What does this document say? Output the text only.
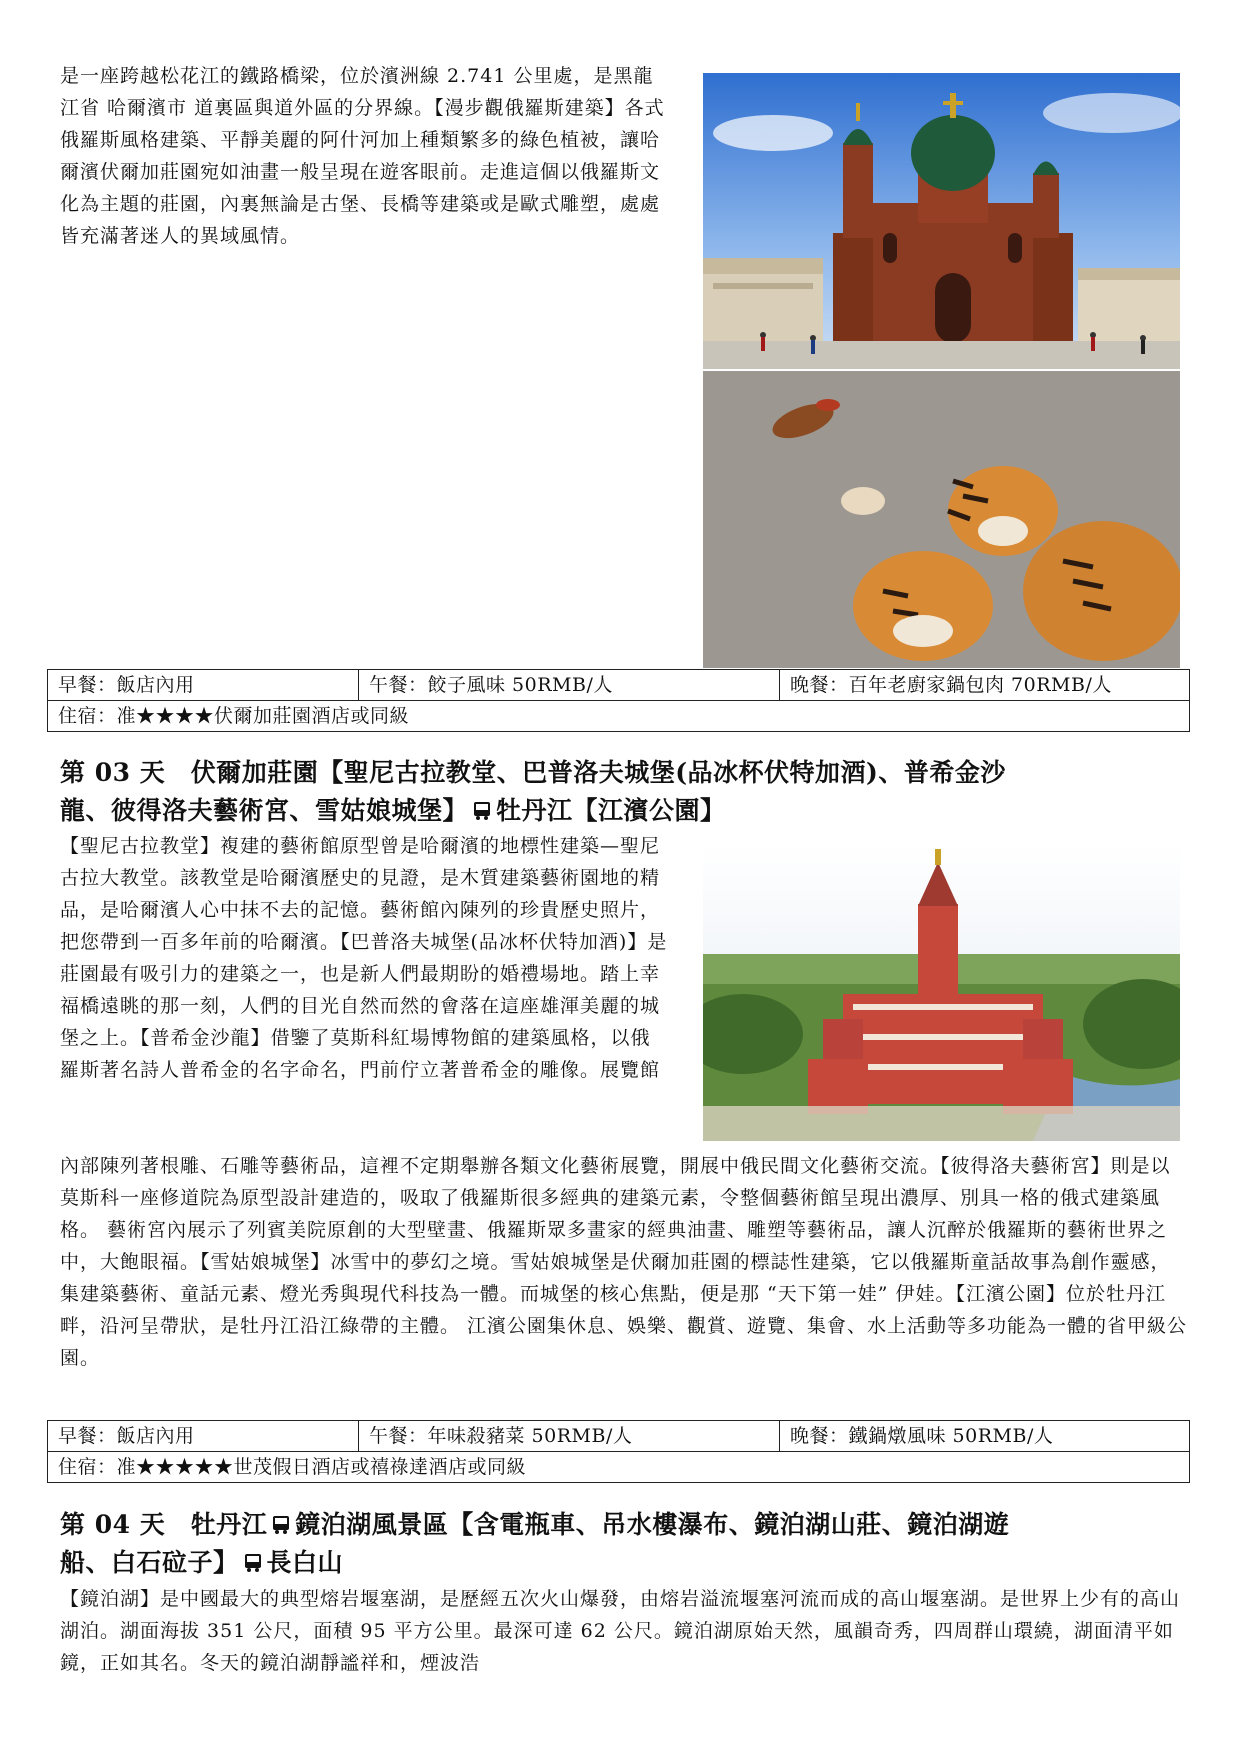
是一座跨越松花江的鐵路橋梁，位於濱洲線 2.741 公里處，是黑龍江省 哈爾濱市 道裏區與道外區的分界線。【漫步觀俄羅斯建築】各式俄羅斯風格建築、平靜美麗的阿什河加上種類繁多的綠色植被，讓哈爾濱伏爾加莊園宛如油畫一般呈現在遊客眼前。走進這個以俄羅斯文化為主題的莊園，內裏無論是古堡、長橋等建築或是歐式雕塑，處處皆充滿著迷人的異域風情。

早餐：飯店內用	午餐：餃子風味 50RMB/人	晚餐：百年老廚家鍋包肉 70RMB/人
住宿：准★★★★伏爾加莊園酒店或同級
第 03 天　伏爾加莊園【聖尼古拉教堂、巴普洛夫城堡(品冰杯伏特加酒)、普希金沙
龍、彼得洛夫藝術宮、雪姑娘城堡】 牡丹江【江濱公園】

【聖尼古拉教堂】複建的藝術館原型曾是哈爾濱的地標性建築—聖尼古拉大教堂。該教堂是哈爾濱歷史的見證，是木質建築藝術園地的精品，是哈爾濱人心中抹不去的記憶。藝術館內陳列的珍貴歷史照片，把您帶到一百多年前的哈爾濱。【巴普洛夫城堡(品冰杯伏特加酒)】是莊園最有吸引力的建築之一，也是新人們最期盼的婚禮場地。踏上幸福橋遠眺的那一刻，人們的目光自然而然的會落在這座雄渾美麗的城堡之上。【普希金沙龍】借鑒了莫斯科紅場博物館的建築風格，以俄羅斯著名詩人普希金的名字命名，門前佇立著普希金的雕像。展覽館

內部陳列著根雕、石雕等藝術品，這裡不定期舉辦各類文化藝術展覽，開展中俄民間文化藝術交流。【彼得洛夫藝術宮】則是以莫斯科一座修道院為原型設計建造的，吸取了俄羅斯很多經典的建築元素，令整個藝術館呈現出濃厚、別具一格的俄式建築風格。 藝術宮內展示了列賓美院原創的大型壁畫、俄羅斯眾多畫家的經典油畫、雕塑等藝術品，讓人沉醉於俄羅斯的藝術世界之中，大飽眼福。【雪姑娘城堡】冰雪中的夢幻之境。雪姑娘城堡是伏爾加莊園的標誌性建築，它以俄羅斯童話故事為創作靈感，集建築藝術、童話元素、燈光秀與現代科技為一體。而城堡的核心焦點，便是那 “天下第一娃” 伊娃。【江濱公園】位於牡丹江畔，沿河呈帶狀，是牡丹江沿江綠帶的主體。 江濱公園集休息、娛樂、觀賞、遊覽、集會、水上活動等多功能為一體的省甲級公園。

早餐：飯店內用	午餐：年味殺豬菜 50RMB/人	晚餐：鐵鍋燉風味 50RMB/人
住宿：准★★★★★世茂假日酒店或禧祿達酒店或同級
第 04 天　牡丹江 鏡泊湖風景區【含電瓶車、吊水樓瀑布、鏡泊湖山莊、鏡泊湖遊
船、白石砬子】 長白山

【鏡泊湖】是中國最大的典型熔岩堰塞湖，是歷經五次火山爆發，由熔岩溢流堰塞河流而成的高山堰塞湖。是世界上少有的高山湖泊。湖面海拔 351 公尺，面積 95 平方公里。最深可達 62 公尺。鏡泊湖原始天然，風韻奇秀，四周群山環繞，湖面清平如鏡，正如其名。冬天的鏡泊湖靜謐祥和，煙波浩
